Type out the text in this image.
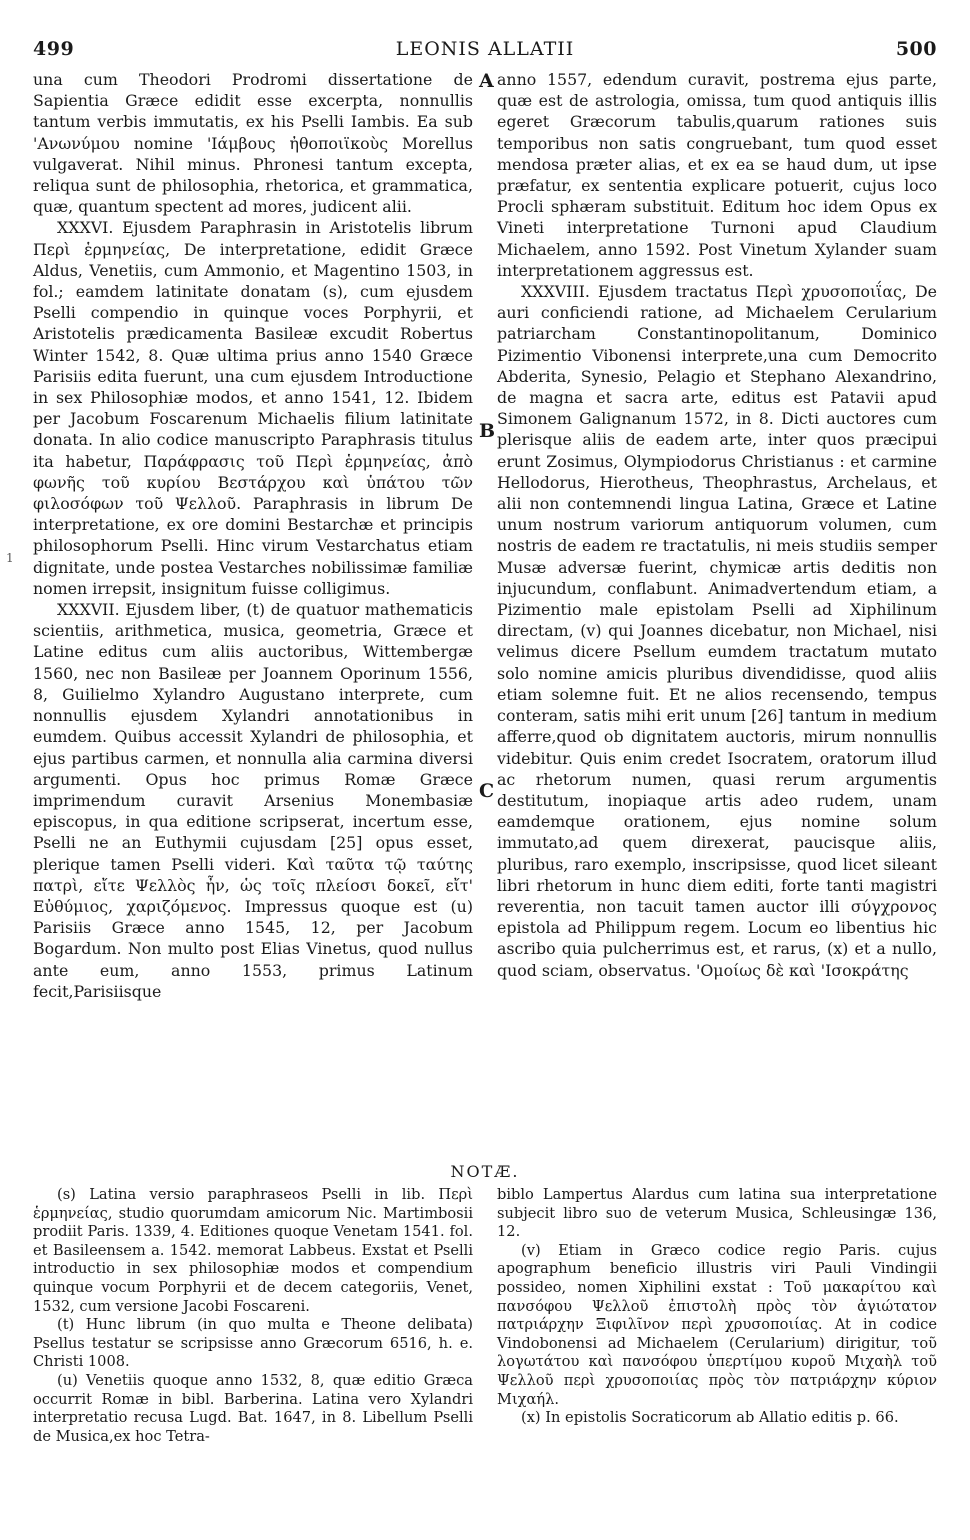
499	LEONIS ALLATII	500
A
B
C
1

una cum Theodori Prodromi dissertatione de Sapientia Græce edidit esse excerpta, nonnullis tantum verbis immutatis, ex his Pselli Iambis. Ea sub 'Ανωνύμου nomine 'Ιάμβους ἠθοποιϊκοὺς Morellus vulgaverat. Nihil minus. Phronesi tantum excepta, reliqua sunt de philosophia, rhetorica, et grammatica, quæ, quantum spectent ad mores, judicent alii.

XXXVI. Ejusdem Paraphrasin in Aristotelis librum Περὶ ἑρμηνείας, De interpretatione, edidit Græce Aldus, Venetiis, cum Ammonio, et Magentino 1503, in fol.; eamdem latinitate donatam (s), cum ejusdem Pselli compendio in quinque voces Porphyrii, et Aristotelis prædicamenta Basileæ excudit Robertus Winter 1542, 8. Quæ ultima prius anno 1540 Græce Parisiis edita fuerunt, una cum ejusdem Introductione in sex Philosophiæ modos, et anno 1541, 12. Ibidem per Jacobum Foscarenum Michaelis filium latinitate donata. In alio codice manuscripto Paraphrasis titulus ita habetur, Παράφρασις τοῦ Περὶ ἑρμηνείας, ἀπὸ φωνῆς τοῦ κυρίου Βεστάρχου καὶ ὑπάτου τῶν φιλοσόφων τοῦ Ψελλοῦ. Paraphrasis in librum De interpretatione, ex ore domini Bestarchæ et principis philosophorum Pselli. Hinc virum Vestarchatus etiam dignitate, unde postea Vestarches nobilissimæ familiæ nomen irrepsit, insignitum fuisse colligimus.

XXXVII. Ejusdem liber, (t) de quatuor mathematicis scientiis, arithmetica, musica, geometria, Græce et Latine editus cum aliis auctoribus, Wittembergæ 1560, nec non Basileæ per Joannem Oporinum 1556, 8, Guilielmo Xylandro Augustano interprete, cum nonnullis ejusdem Xylandri annotationibus in eumdem. Quibus accessit Xylandri de philosophia, et ejus partibus carmen, et nonnulla alia carmina diversi argumenti. Opus hoc primus Romæ Græce imprimendum curavit Arsenius Monembasiæ episcopus, in qua editione scripserat, incertum esse, Pselli ne an Euthymii cujusdam [25] opus esset, plerique tamen Pselli videri. Καὶ ταῦτα τῷ ταύτης πατρὶ, εἴτε Ψελλὸς ἦν, ὡς τοῖς πλείοσι δοκεῖ, εἴτ' Εὐθύμιος, χαριζόμενος. Impressus quoque est (u) Parisiis Græce anno 1545, 12, per Jacobum Bogardum. Non multo post Elias Vinetus, quod nullus ante eum, anno 1553, primus Latinum fecit,Parisiisque

anno 1557, edendum curavit, postrema ejus parte, quæ est de astrologia, omissa, tum quod antiquis illis egeret Græcorum tabulis,quarum rationes suis temporibus non satis congruebant, tum quod esset mendosa præter alias, et ex ea se haud dum, ut ipse præfatur, ex sententia explicare potuerit, cujus loco Procli sphæram substituit. Editum hoc idem Opus ex Vineti interpretatione Turnoni apud Claudium Michaelem, anno 1592. Post Vinetum Xylander suam interpretationem aggressus est.

XXXVIII. Ejusdem tractatus Περὶ χρυσοποιΐας, De auri conficiendi ratione, ad Michaelem Cerularium patriarcham Constantinopolitanum, Dominico Pizimentio Vibonensi interprete,una cum Democrito Abderita, Synesio, Pelagio et Stephano Alexandrino, de magna et sacra arte, editus est Patavii apud Simonem Galignanum 1572, in 8. Dicti auctores cum plerisque aliis de eadem arte, inter quos præcipui erunt Zosimus, Olympiodorus Christianus : et carmine Hellodorus, Hierotheus, Theophrastus, Archelaus, et alii non contemnendi lingua Latina, Græce et Latine unum nostrum variorum antiquorum volumen, cum nostris de eadem re tractatulis, ni meis studiis semper Musæ adversæ fuerint, chymicæ artis deditis non injucundum, conflabunt. Animadvertendum etiam, a Pizimentio male epistolam Pselli ad Xiphilinum directam, (v) qui Joannes dicebatur, non Michael, nisi velimus dicere Psellum eumdem tractatum mutato solo nomine amicis pluribus divendidisse, quod aliis etiam solemne fuit. Et ne alios recensendo, tempus conteram, satis mihi erit unum [26] tantum in medium afferre,quod ob dignitatem auctoris, mirum nonnullis videbitur. Quis enim credet Isocratem, oratorum illud ac rhetorum numen, quasi rerum argumentis destitutum, inopiaque artis adeo rudem, unam eamdemque orationem, ejus nomine solum immutato,ad quem direxerat, paucisque aliis, pluribus, raro exemplo, inscripsisse, quod licet sileant libri rhetorum in hunc diem editi, forte tanti magistri reverentia, non tacuit tamen auctor illi σύγχρονος epistola ad Philippum regem. Locum eo libentius hic ascribo quia pulcherrimus est, et rarus, (x) et a nullo, quod sciam, observatus. 'Ομοίως δὲ καὶ 'Ισοκράτης

NOTÆ.

(s) Latina versio paraphraseos Pselli in lib. Περὶ ἑρμηνείας, studio quorumdam amicorum Nic. Martimbosii prodiit Paris. 1339, 4. Editiones quoque Venetam 1541. fol. et Basileensem a. 1542. memorat Labbeus. Exstat et Pselli introductio in sex philosophiæ modos et compendium quinque vocum Porphyrii et de decem categoriis, Venet, 1532, cum versione Jacobi Foscareni.

(t) Hunc librum (in quo multa e Theone delibata) Psellus testatur se scripsisse anno Græcorum 6516, h. e. Christi 1008.

(u) Venetiis quoque anno 1532, 8, quæ editio Græca occurrit Romæ in bibl. Barberina. Latina vero Xylandri interpretatio recusa Lugd. Bat. 1647, in 8. Libellum Pselli de Musica,ex hoc Tetra-

biblo Lampertus Alardus cum latina sua interpretatione subjecit libro suo de veterum Musica, Schleusingæ 136, 12.

(v) Etiam in Græco codice regio Paris. cujus apographum beneficio illustris viri Pauli Vindingii possideo, nomen Xiphilini exstat : Τοῦ μακαρίτου καὶ πανσόφου Ψελλοῦ ἐπιστολὴ πρὸς τὸν ἁγιώτατον πατριάρχην Ξιφιλῖνον περὶ χρυσοποιίας. At in codice Vindobonensi ad Michaelem (Cerularium) dirigitur, τοῦ λογωτάτου καὶ πανσόφου ὑπερτίμου κυροῦ Μιχαὴλ τοῦ Ψελλοῦ περὶ χρυσοποιίας πρὸς τὸν πατριάρχην κύριον Μιχαήλ.

(x) In epistolis Socraticorum ab Allatio editis p. 66.
